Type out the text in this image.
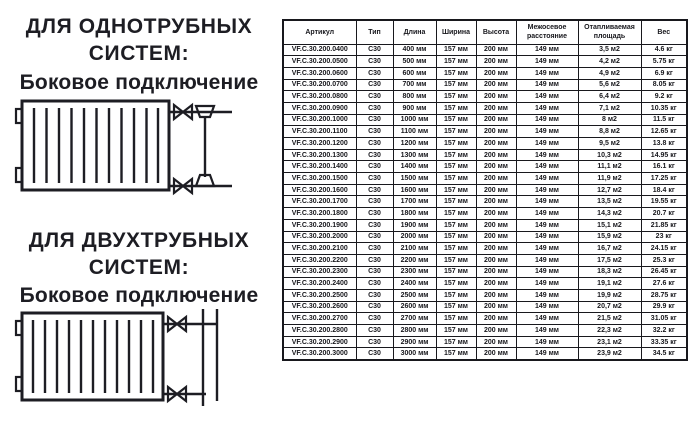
ДЛЯ ОДНОТРУБНЫХ
СИСТЕМ:
Боковое подключение
ДЛЯ ДВУХТРУБНЫХ
СИСТЕМ:
Боковое подключение
Артикул	Тип	Длина	Ширина	Высота	Межосевое расстояние	Отапливаемая площадь	Вес
VF.C.30.200.0400	C30	400 мм	157 мм	200 мм	149 мм	3,5 м2	4.6 кг
VF.C.30.200.0500	C30	500 мм	157 мм	200 мм	149 мм	4,2 м2	5.75 кг
VF.C.30.200.0600	C30	600 мм	157 мм	200 мм	149 мм	4,9 м2	6.9 кг
VF.C.30.200.0700	C30	700 мм	157 мм	200 мм	149 мм	5,6 м2	8.05 кг
VF.C.30.200.0800	C30	800 мм	157 мм	200 мм	149 мм	6,4 м2	9.2 кг
VF.C.30.200.0900	C30	900 мм	157 мм	200 мм	149 мм	7,1 м2	10.35 кг
VF.C.30.200.1000	C30	1000 мм	157 мм	200 мм	149 мм	8 м2	11.5 кг
VF.C.30.200.1100	C30	1100 мм	157 мм	200 мм	149 мм	8,8 м2	12.65 кг
VF.C.30.200.1200	C30	1200 мм	157 мм	200 мм	149 мм	9,5 м2	13.8 кг
VF.C.30.200.1300	C30	1300 мм	157 мм	200 мм	149 мм	10,3 м2	14.95 кг
VF.C.30.200.1400	C30	1400 мм	157 мм	200 мм	149 мм	11,1 м2	16.1 кг
VF.C.30.200.1500	C30	1500 мм	157 мм	200 мм	149 мм	11,9 м2	17.25 кг
VF.C.30.200.1600	C30	1600 мм	157 мм	200 мм	149 мм	12,7 м2	18.4 кг
VF.C.30.200.1700	C30	1700 мм	157 мм	200 мм	149 мм	13,5 м2	19.55 кг
VF.C.30.200.1800	C30	1800 мм	157 мм	200 мм	149 мм	14,3 м2	20.7 кг
VF.C.30.200.1900	C30	1900 мм	157 мм	200 мм	149 мм	15,1 м2	21.85 кг
VF.C.30.200.2000	C30	2000 мм	157 мм	200 мм	149 мм	15,9 м2	23 кг
VF.C.30.200.2100	C30	2100 мм	157 мм	200 мм	149 мм	16,7 м2	24.15 кг
VF.C.30.200.2200	C30	2200 мм	157 мм	200 мм	149 мм	17,5 м2	25.3 кг
VF.C.30.200.2300	C30	2300 мм	157 мм	200 мм	149 мм	18,3 м2	26.45 кг
VF.C.30.200.2400	C30	2400 мм	157 мм	200 мм	149 мм	19,1 м2	27.6 кг
VF.C.30.200.2500	C30	2500 мм	157 мм	200 мм	149 мм	19,9 м2	28.75 кг
VF.C.30.200.2600	C30	2600 мм	157 мм	200 мм	149 мм	20,7 м2	29.9 кг
VF.C.30.200.2700	C30	2700 мм	157 мм	200 мм	149 мм	21,5 м2	31.05 кг
VF.C.30.200.2800	C30	2800 мм	157 мм	200 мм	149 мм	22,3 м2	32.2 кг
VF.C.30.200.2900	C30	2900 мм	157 мм	200 мм	149 мм	23,1 м2	33.35 кг
VF.C.30.200.3000	C30	3000 мм	157 мм	200 мм	149 мм	23,9 м2	34.5 кг
